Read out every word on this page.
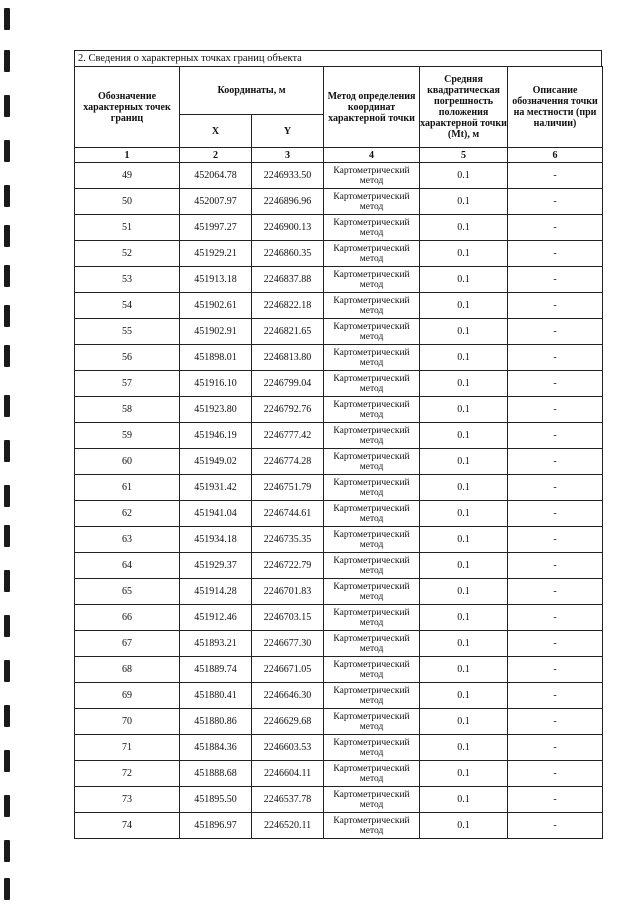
2. Сведения о характерных точках границ объекта
Обозначение характерных точек границ	Координаты, м		Метод определения координат характерной точки	Средняя квадратическая погрешность положения характерной точки (Mt), м	Описание обозначения точки на местности (при наличии)
	X	Y			
1	2	3	4	5	6
49	452064.78	2246933.50	Картометрический метод	0.1	-
50	452007.97	2246896.96	Картометрический метод	0.1	-
51	451997.27	2246900.13	Картометрический метод	0.1	-
52	451929.21	2246860.35	Картометрический метод	0.1	-
53	451913.18	2246837.88	Картометрический метод	0.1	-
54	451902.61	2246822.18	Картометрический метод	0.1	-
55	451902.91	2246821.65	Картометрический метод	0.1	-
56	451898.01	2246813.80	Картометрический метод	0.1	-
57	451916.10	2246799.04	Картометрический метод	0.1	-
58	451923.80	2246792.76	Картометрический метод	0.1	-
59	451946.19	2246777.42	Картометрический метод	0.1	-
60	451949.02	2246774.28	Картометрический метод	0.1	-
61	451931.42	2246751.79	Картометрический метод	0.1	-
62	451941.04	2246744.61	Картометрический метод	0.1	-
63	451934.18	2246735.35	Картометрический метод	0.1	-
64	451929.37	2246722.79	Картометрический метод	0.1	-
65	451914.28	2246701.83	Картометрический метод	0.1	-
66	451912.46	2246703.15	Картометрический метод	0.1	-
67	451893.21	2246677.30	Картометрический метод	0.1	-
68	451889.74	2246671.05	Картометрический метод	0.1	-
69	451880.41	2246646.30	Картометрический метод	0.1	-
70	451880.86	2246629.68	Картометрический метод	0.1	-
71	451884.36	2246603.53	Картометрический метод	0.1	-
72	451888.68	2246604.11	Картометрический метод	0.1	-
73	451895.50	2246537.78	Картометрический метод	0.1	-
74	451896.97	2246520.11	Картометрический метод	0.1	-
